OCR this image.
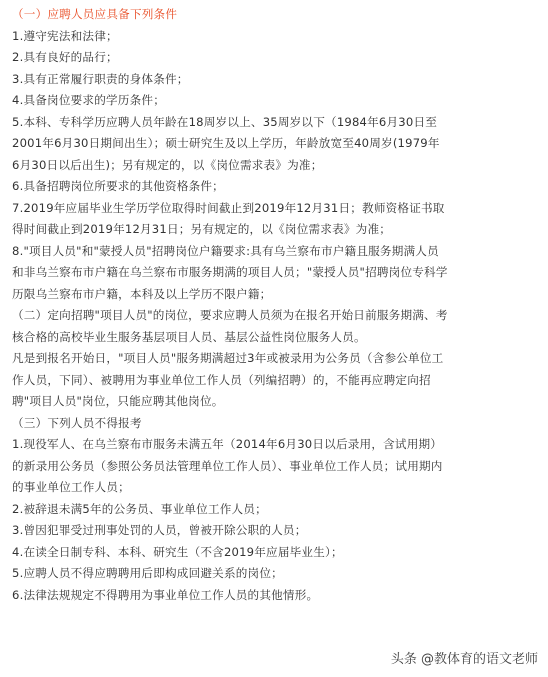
（一）应聘人员应具备下列条件
1.遵守宪法和法律；
2.具有良好的品行；
3.具有正常履行职责的身体条件；
4.具备岗位要求的学历条件；
5.本科、专科学历应聘人员年龄在18周岁以上、35周岁以下（1984年6月30日至
2001年6月30日期间出生）；硕士研究生及以上学历，年龄放宽至40周岁(1979年
6月30日以后出生)；另有规定的，以《岗位需求表》为准；
6.具备招聘岗位所要求的其他资格条件；
7.2019年应届毕业生学历学位取得时间截止到2019年12月31日；教师资格证书取
得时间截止到2019年12月31日；另有规定的，以《岗位需求表》为准；
8."项目人员"和"蒙授人员"招聘岗位户籍要求:具有乌兰察布市户籍且服务期满人员
和非乌兰察布市户籍在乌兰察布市服务期满的项目人员；"蒙授人员"招聘岗位专科学
历限乌兰察布市户籍，本科及以上学历不限户籍；
（二）定向招聘"项目人员"的岗位，要求应聘人员须为在报名开始日前服务期满、考
核合格的高校毕业生服务基层项目人员、基层公益性岗位服务人员。
凡是到报名开始日，"项目人员"服务期满超过3年或被录用为公务员（含参公单位工
作人员，下同）、被聘用为事业单位工作人员（列编招聘）的，不能再应聘定向招
聘"项目人员"岗位，只能应聘其他岗位。
（三）下列人员不得报考
1.现役军人、在乌兰察布市服务未满五年（2014年6月30日以后录用，含试用期）
的新录用公务员（参照公务员法管理单位工作人员）、事业单位工作人员；试用期内
的事业单位工作人员；
2.被辞退未满5年的公务员、事业单位工作人员；
3.曾因犯罪受过刑事处罚的人员，曾被开除公职的人员；
4.在读全日制专科、本科、研究生（不含2019年应届毕业生）；
5.应聘人员不得应聘聘用后即构成回避关系的岗位；
6.法律法规规定不得聘用为事业单位工作人员的其他情形。
头条 @教体育的语文老师
